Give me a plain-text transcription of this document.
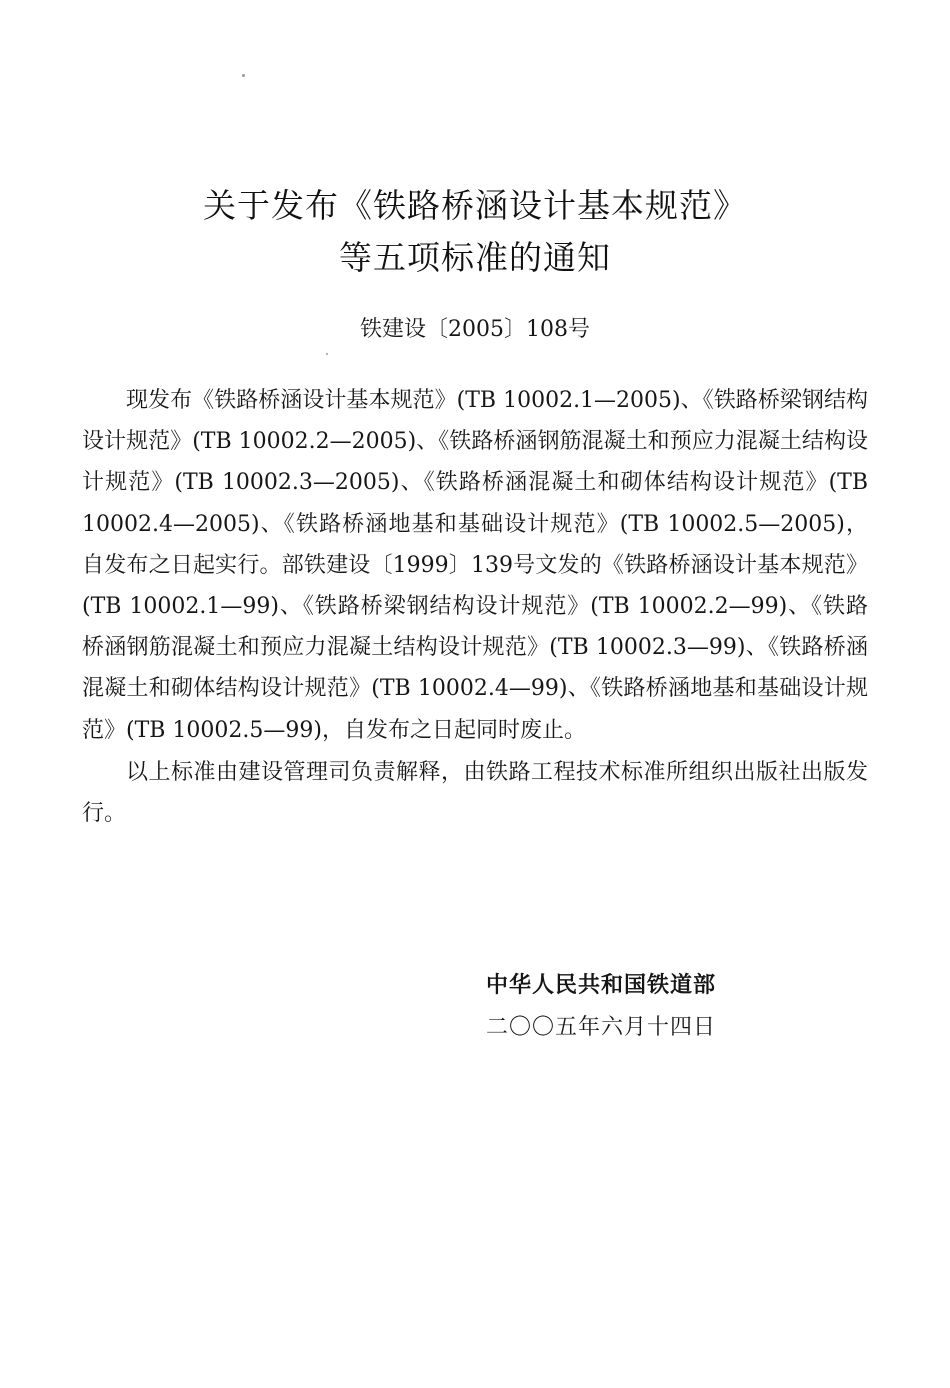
关于发布《铁路桥涵设计基本规范》
等五项标准的通知
铁建设〔2005〕108号

现发布《铁路桥涵设计基本规范》(TB 10002.1—2005)、《铁路桥梁钢结构设计规范》(TB 10002.2—2005)、《铁路桥涵钢筋混凝土和预应力混凝土结构设计规范》(TB 10002.3—2005)、《铁路桥涵混凝土和砌体结构设计规范》(TB 10002.4—2005)、《铁路桥涵地基和基础设计规范》(TB 10002.5—2005)，自发布之日起实行。部铁建设〔1999〕139号文发的《铁路桥涵设计基本规范》(TB 10002.1—99)、《铁路桥梁钢结构设计规范》(TB 10002.2—99)、《铁路桥涵钢筋混凝土和预应力混凝土结构设计规范》(TB 10002.3—99)、《铁路桥涵混凝土和砌体结构设计规范》(TB 10002.4—99)、《铁路桥涵地基和基础设计规范》(TB 10002.5—99)，自发布之日起同时废止。

以上标准由建设管理司负责解释，由铁路工程技术标准所组织出版社出版发行。

中华人民共和国铁道部
二〇〇五年六月十四日
